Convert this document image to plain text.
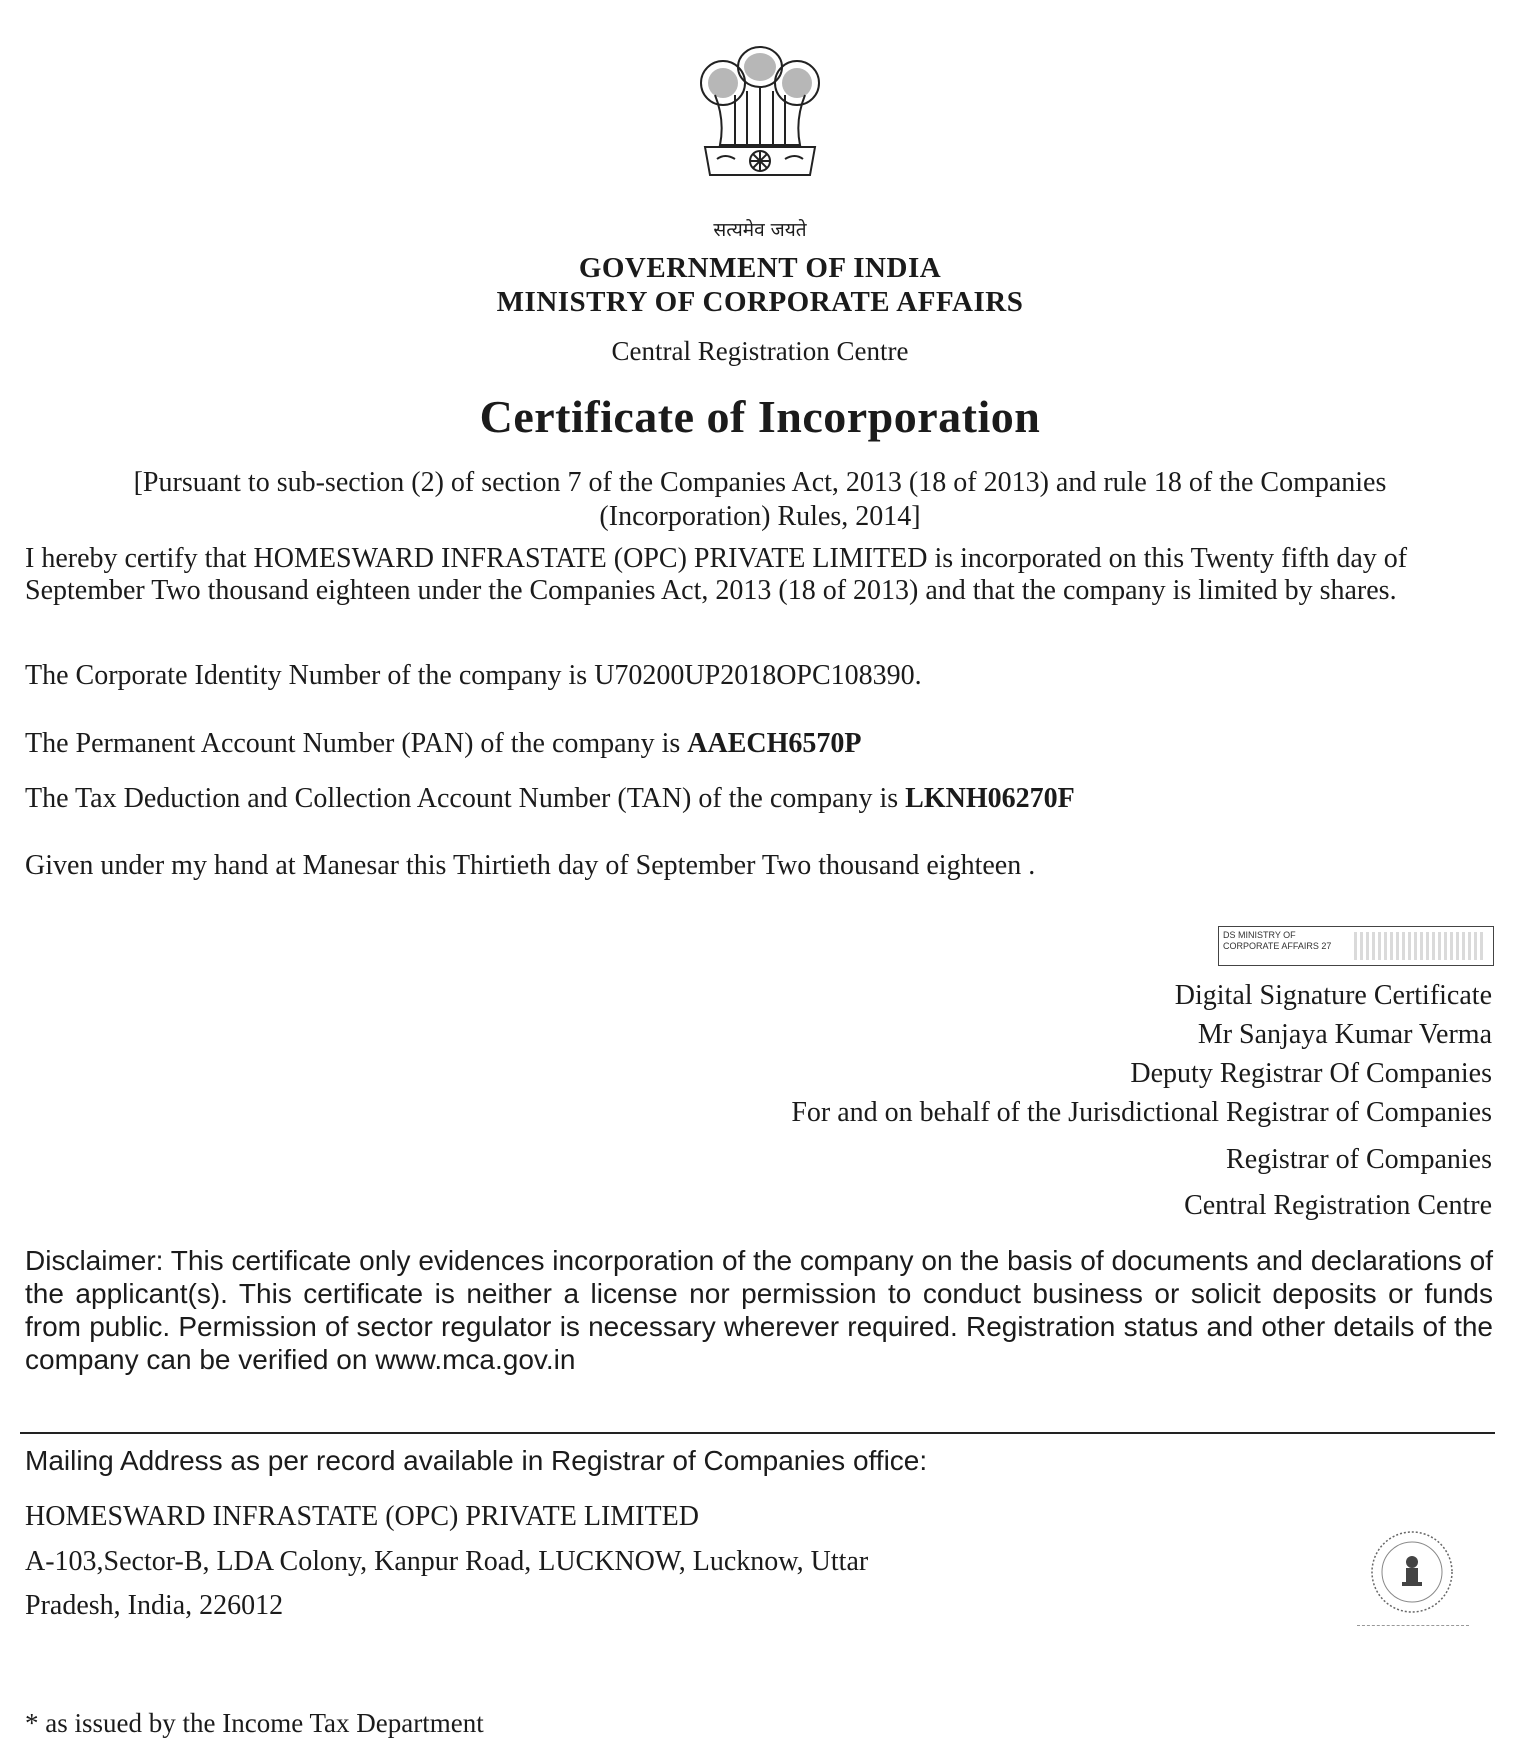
सत्यमेव जयते
GOVERNMENT OF INDIA
MINISTRY OF CORPORATE AFFAIRS
Central Registration Centre
Certificate of Incorporation
[Pursuant to sub-section (2) of section 7 of the Companies Act, 2013 (18 of 2013) and rule 18 of the Companies
(Incorporation) Rules, 2014]
I hereby certify that HOMESWARD INFRASTATE (OPC) PRIVATE LIMITED is incorporated on this Twenty fifth day of September Two thousand eighteen under the Companies Act, 2013 (18 of 2013) and that the company is limited by shares.
The Corporate Identity Number of the company is U70200UP2018OPC108390.
The Permanent Account Number (PAN) of the company is AAECH6570P
The Tax Deduction and Collection Account Number (TAN) of the company is LKNH06270F
Given under my hand at Manesar this Thirtieth day of September Two thousand eighteen .
DS MINISTRY OF
CORPORATE AFFAIRS 27
Digital Signature Certificate
Mr Sanjaya Kumar Verma
Deputy Registrar Of Companies
For and on behalf of the Jurisdictional Registrar of Companies
Registrar of Companies
Central Registration Centre
Disclaimer: This certificate only evidences incorporation of the company on the basis of documents and declarations of the applicant(s). This certificate is neither a license nor permission to conduct business or solicit deposits or funds from public. Permission of sector regulator is necessary wherever required. Registration status and other details of the company can be verified on www.mca.gov.in
Mailing Address as per record available in Registrar of Companies office:
HOMESWARD INFRASTATE (OPC) PRIVATE LIMITED
A-103,Sector-B, LDA Colony, Kanpur Road, LUCKNOW, Lucknow, Uttar
Pradesh, India, 226012
* as issued by the Income Tax Department
